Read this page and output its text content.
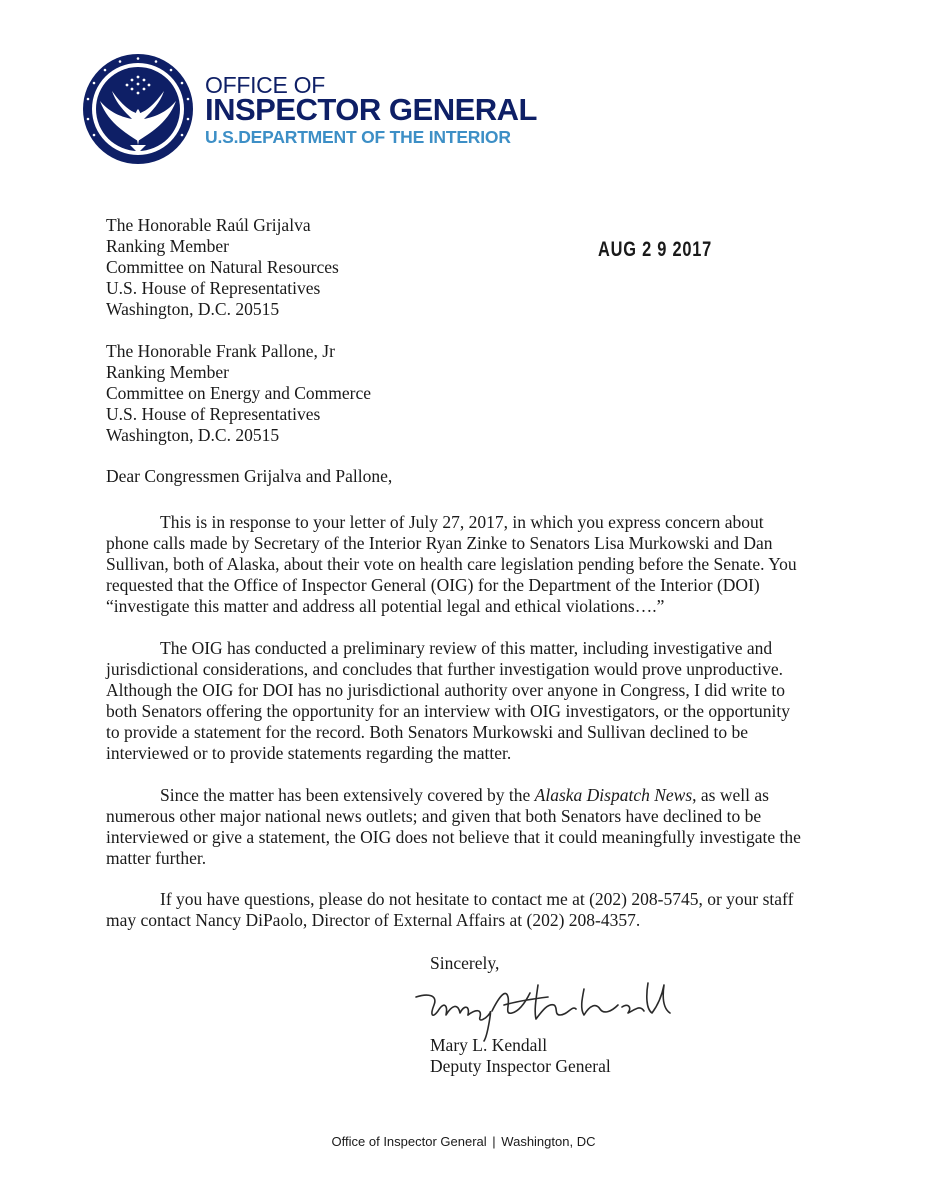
OFFICE OF
INSPECTOR GENERAL
U.S.DEPARTMENT OF THE INTERIOR
AUG 2 9 2017
The Honorable Raúl Grijalva
Ranking Member
Committee on Natural Resources
U.S. House of Representatives
Washington, D.C. 20515
The Honorable Frank Pallone, Jr
Ranking Member
Committee on Energy and Commerce
U.S. House of Representatives
Washington, D.C. 20515
Dear Congressmen Grijalva and Pallone,

This is in response to your letter of July 27, 2017, in which you express concern about phone calls made by Secretary of the Interior Ryan Zinke to Senators Lisa Murkowski and Dan Sullivan, both of Alaska, about their vote on health care legislation pending before the Senate. You requested that the Office of Inspector General (OIG) for the Department of the Interior (DOI) “investigate this matter and address all potential legal and ethical violations….”

The OIG has conducted a preliminary review of this matter, including investigative and jurisdictional considerations, and concludes that further investigation would prove unproductive. Although the OIG for DOI has no jurisdictional authority over anyone in Congress, I did write to both Senators offering the opportunity for an interview with OIG investigators, or the opportunity to provide a statement for the record. Both Senators Murkowski and Sullivan declined to be interviewed or to provide statements regarding the matter.

Since the matter has been extensively covered by the Alaska Dispatch News, as well as numerous other major national news outlets; and given that both Senators have declined to be interviewed or give a statement, the OIG does not believe that it could meaningfully investigate the matter further.

If you have questions, please do not hesitate to contact me at (202) 208-5745, or your staff may contact Nancy DiPaolo, Director of External Affairs at (202) 208-4357.

Sincerely,
Mary L. Kendall
Deputy Inspector General
Office of Inspector General | Washington, DC
